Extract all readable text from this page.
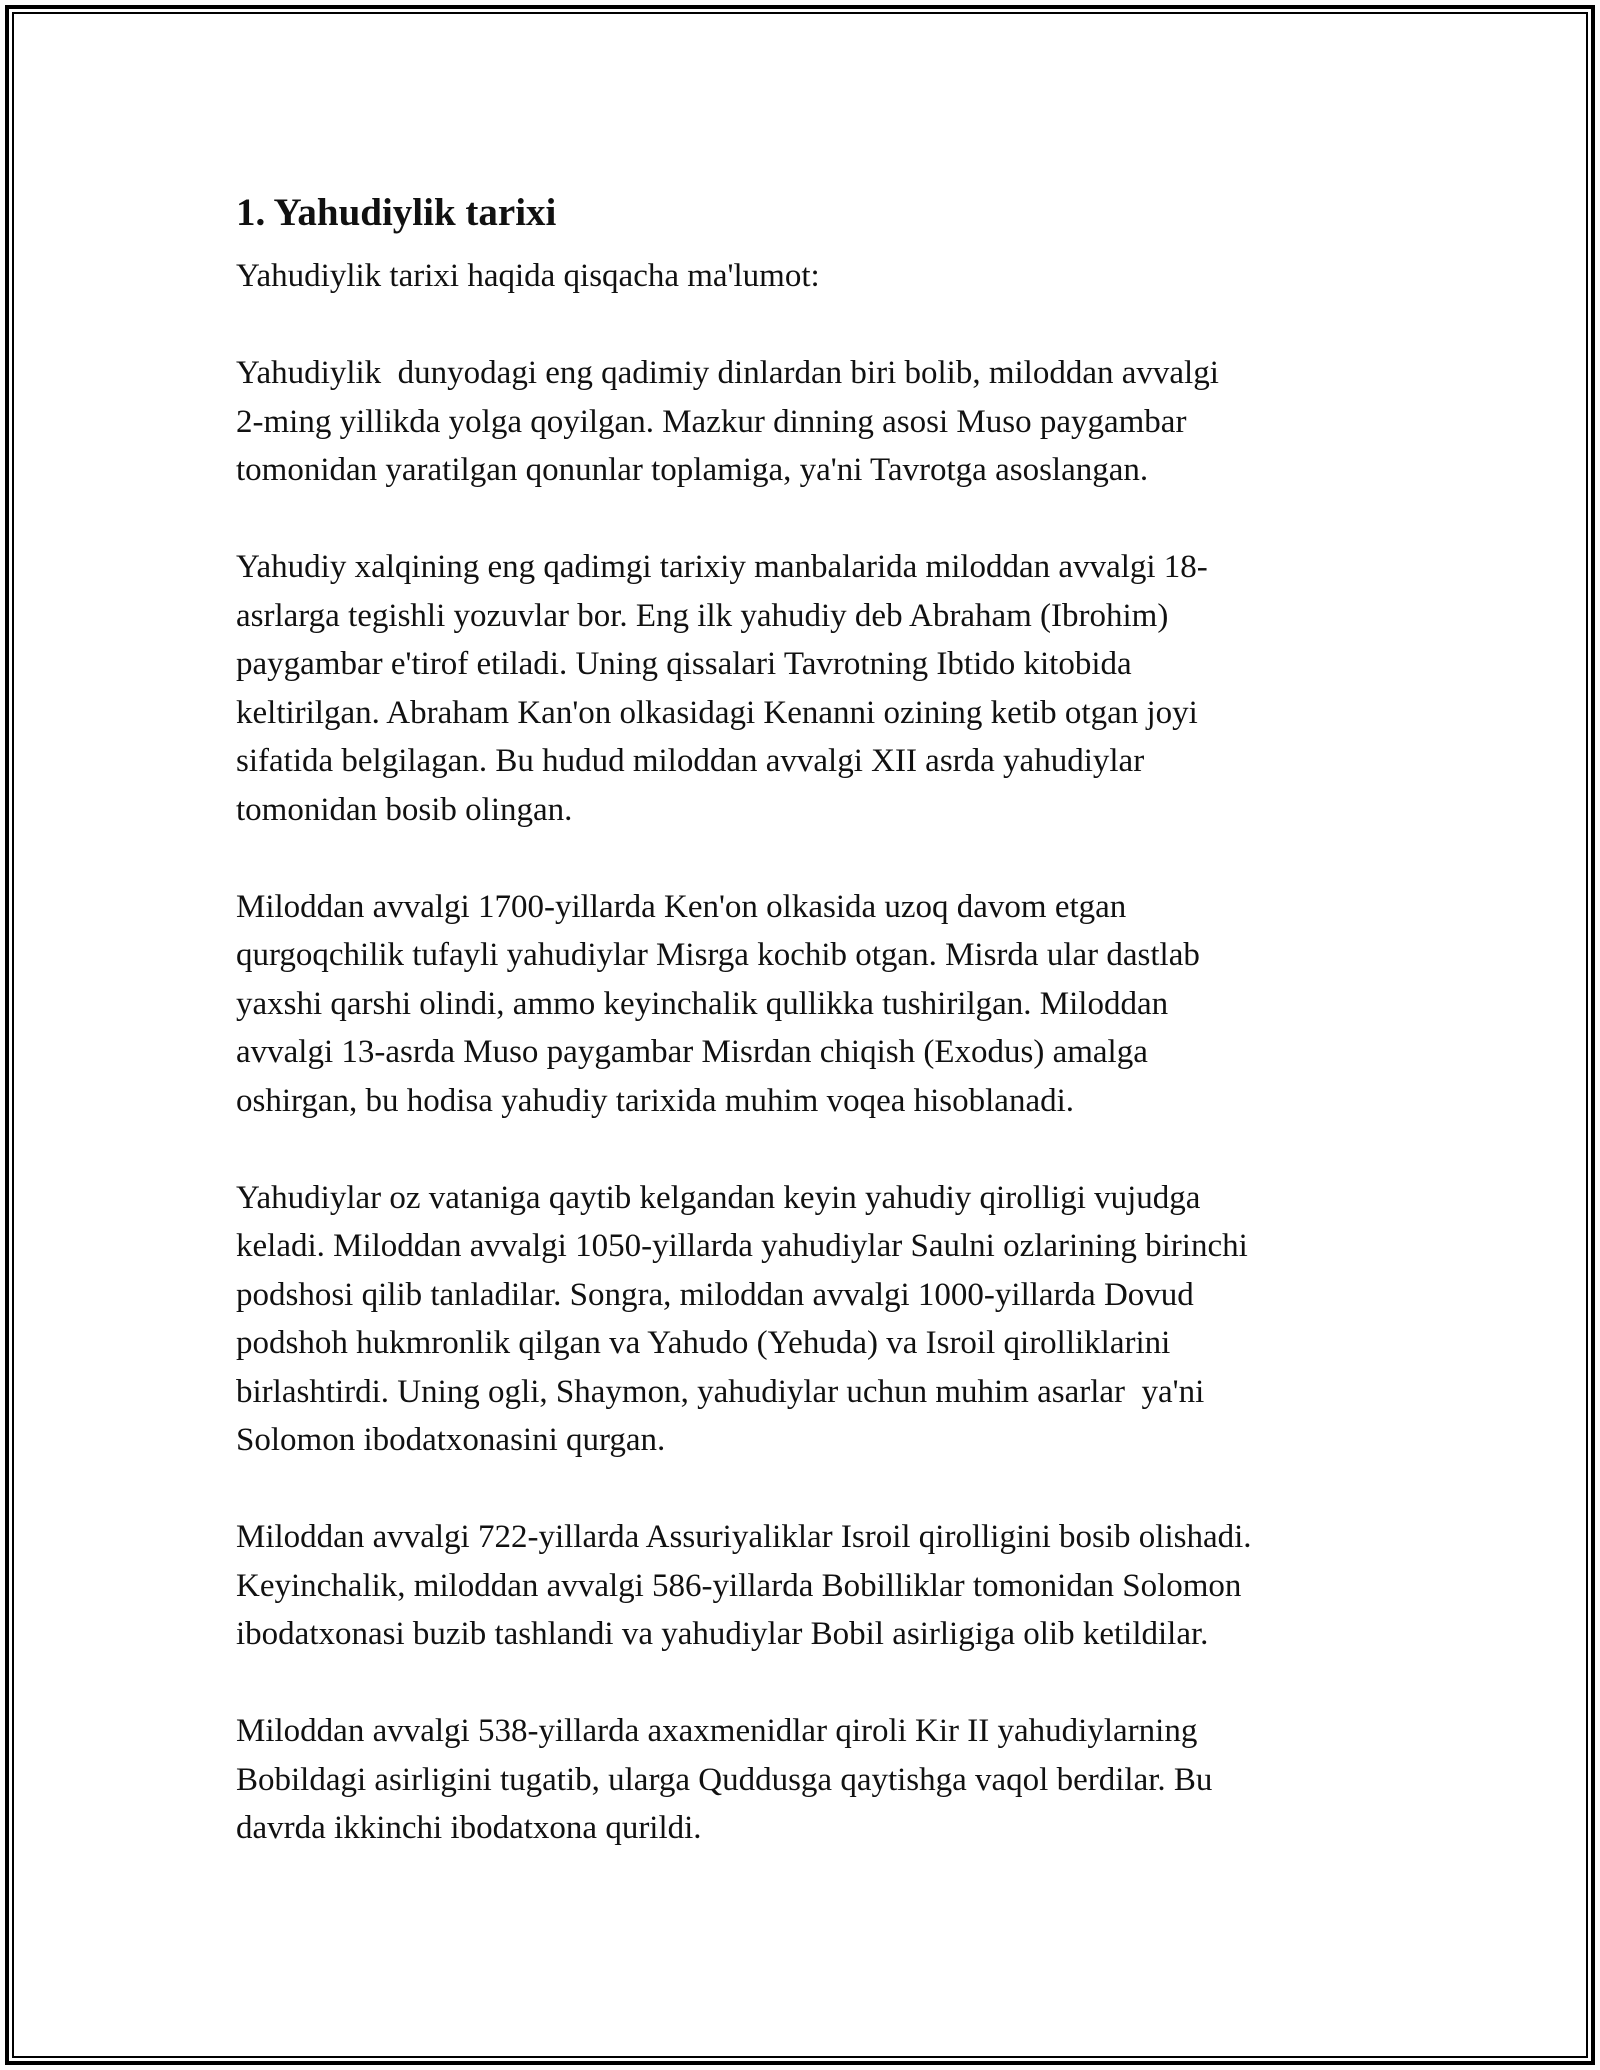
1. Yahudiylik tarixi

Yahudiylik tarixi haqida qisqacha ma'lumot:

Yahudiylik  dunyodagi eng qadimiy dinlardan biri bolib, miloddan avvalgi
2-ming yillikda yolga qoyilgan. Mazkur dinning asosi Muso paygambar
tomonidan yaratilgan qonunlar toplamiga, ya'ni Tavrotga asoslangan.

Yahudiy xalqining eng qadimgi tarixiy manbalarida miloddan avvalgi 18-
asrlarga tegishli yozuvlar bor. Eng ilk yahudiy deb Abraham (Ibrohim)
paygambar e'tirof etiladi. Uning qissalari Tavrotning Ibtido kitobida
keltirilgan. Abraham Kan'on olkasidagi Kenanni ozining ketib otgan joyi
sifatida belgilagan. Bu hudud miloddan avvalgi XII asrda yahudiylar
tomonidan bosib olingan.

Miloddan avvalgi 1700-yillarda Ken'on olkasida uzoq davom etgan
qurgoqchilik tufayli yahudiylar Misrga kochib otgan. Misrda ular dastlab
yaxshi qarshi olindi, ammo keyinchalik qullikka tushirilgan. Miloddan
avvalgi 13-asrda Muso paygambar Misrdan chiqish (Exodus) amalga
oshirgan, bu hodisa yahudiy tarixida muhim voqea hisoblanadi.

Yahudiylar oz vataniga qaytib kelgandan keyin yahudiy qirolligi vujudga
keladi. Miloddan avvalgi 1050-yillarda yahudiylar Saulni ozlarining birinchi
podshosi qilib tanladilar. Songra, miloddan avvalgi 1000-yillarda Dovud
podshoh hukmronlik qilgan va Yahudo (Yehuda) va Isroil qirolliklarini
birlashtirdi. Uning ogli, Shaymon, yahudiylar uchun muhim asarlar  ya'ni
Solomon ibodatxonasini qurgan.

Miloddan avvalgi 722-yillarda Assuriyaliklar Isroil qirolligini bosib olishadi.
Keyinchalik, miloddan avvalgi 586-yillarda Bobilliklar tomonidan Solomon
ibodatxonasi buzib tashlandi va yahudiylar Bobil asirligiga olib ketildilar.

Miloddan avvalgi 538-yillarda axaxmenidlar qiroli Kir II yahudiylarning
Bobildagi asirligini tugatib, ularga Quddusga qaytishga vaqol berdilar. Bu
davrda ikkinchi ibodatxona qurildi.
